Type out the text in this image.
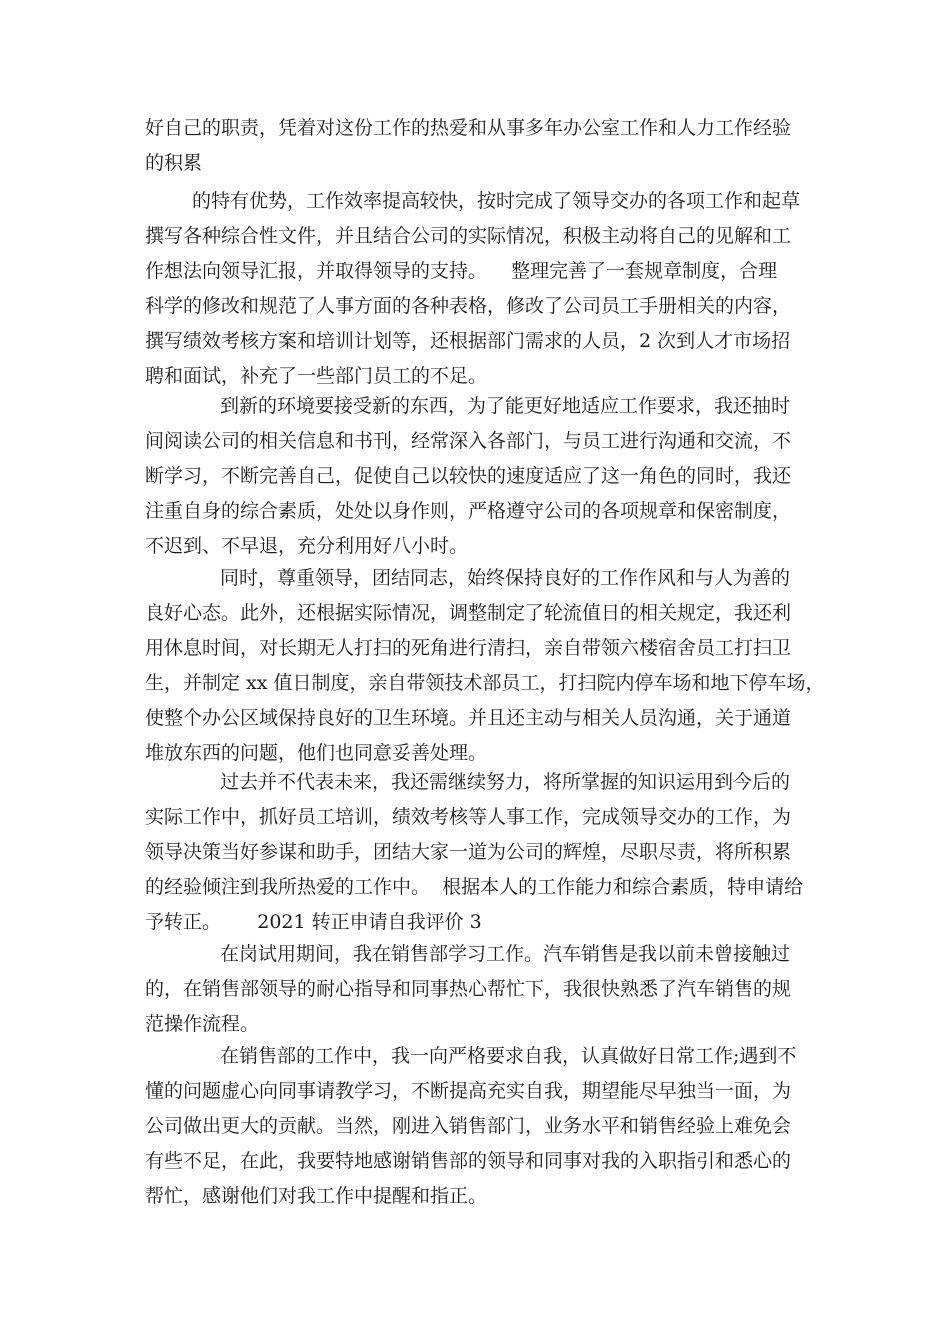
好自己的职责，凭着对这份工作的热爱和从事多年办公室工作和人力工作经验
的积累
的特有优势，工作效率提高较快，按时完成了领导交办的各项工作和起草
撰写各种综合性文件，并且结合公司的实际情况，积极主动将自己的见解和工
作想法向领导汇报，并取得领导的支持。    整理完善了一套规章制度，合理
科学的修改和规范了人事方面的各种表格，修改了公司员工手册相关的内容，
撰写绩效考核方案和培训计划等，还根据部门需求的人员，2 次到人才市场招
聘和面试，补充了一些部门员工的不足。
到新的环境要接受新的东西，为了能更好地适应工作要求，我还抽时
间阅读公司的相关信息和书刊，经常深入各部门，与员工进行沟通和交流，不
断学习，不断完善自己，促使自己以较快的速度适应了这一角色的同时，我还
注重自身的综合素质，处处以身作则，严格遵守公司的各项规章和保密制度，
不迟到、不早退，充分利用好八小时。
同时，尊重领导，团结同志，始终保持良好的工作作风和与人为善的
良好心态。此外，还根据实际情况，调整制定了轮流值日的相关规定，我还利
用休息时间，对长期无人打扫的死角进行清扫，亲自带领六楼宿舍员工打扫卫
生，并制定 xx 值日制度，亲自带领技术部员工，打扫院内停车场和地下停车场，
使整个办公区域保持良好的卫生环境。并且还主动与相关人员沟通，关于通道
堆放东西的问题，他们也同意妥善处理。
过去并不代表未来，我还需继续努力，将所掌握的知识运用到今后的
实际工作中，抓好员工培训，绩效考核等人事工作，完成领导交办的工作，为
领导决策当好参谋和助手，团结大家一道为公司的辉煌，尽职尽责，将所积累
的经验倾注到我所热爱的工作中。  根据本人的工作能力和综合素质，特申请给
予转正。      2021 转正申请自我评价 3
在岗试用期间，我在销售部学习工作。汽车销售是我以前未曾接触过
的，在销售部领导的耐心指导和同事热心帮忙下，我很快熟悉了汽车销售的规
范操作流程。
在销售部的工作中，我一向严格要求自我，认真做好日常工作;遇到不
懂的问题虚心向同事请教学习，不断提高充实自我，期望能尽早独当一面，为
公司做出更大的贡献。当然，刚进入销售部门，业务水平和销售经验上难免会
有些不足，在此，我要特地感谢销售部的领导和同事对我的入职指引和悉心的
帮忙，感谢他们对我工作中提醒和指正。
